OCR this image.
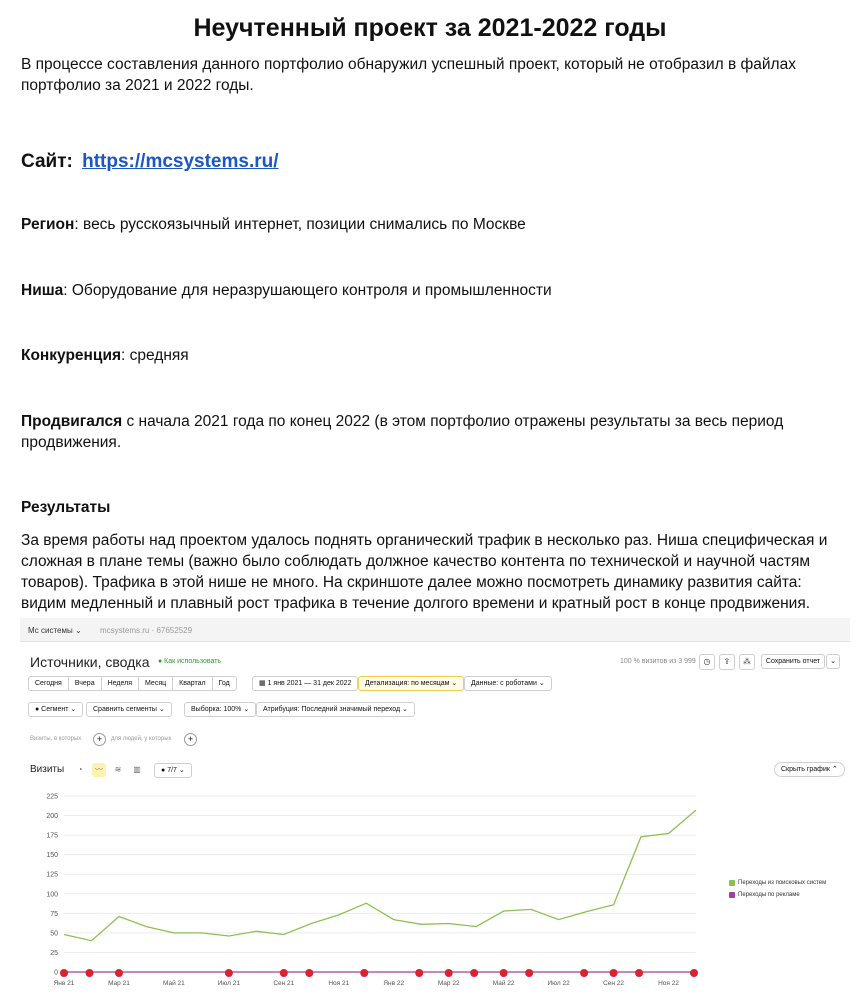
Неучтенный проект за 2021-2022 годы
В процессе составления данного портфолио обнаружил успешный проект, который не отобразил в файлах портфолио за 2021 и 2022 годы.
Сайт: https://mcsystems.ru/
Регион: весь русскоязычный интернет, позиции снимались по Москве
Ниша: Оборудование для неразрушающего контроля и промышленности
Конкуренция: средняя
Продвигался с начала 2021 года по конец 2022 (в этом портфолио отражены результаты за весь период продвижения.
Результаты
За время работы над проектом удалось поднять органический трафик в несколько раз. Ниша специфическая и сложная в плане темы (важно было соблюдать должное качество контента по технической и научной частям товаров). Трафика в этой нише не много. На скриншоте далее можно посмотреть динамику развития сайта: видим медленный и плавный рост трафика в течение долгого времени и кратный рост в конце продвижения.
Мс системы ⌄ mcsystems.ru · 67652529
Источники, сводка ● Как использовать	100 % визитов из 3 999 ◷	⇪	⁂	Сохранить отчет	⌄
Сегодня	Вчера	Неделя	Месяц	Квартал	Год	▦ 1 янв 2021 — 31 дек 2022	Детализация: по месяцам ⌄	Данные: с роботами ⌄
● Сегмент ⌄	Сравнить сегменты ⌄	Выборка: 100% ⌄	Атрибуция: Последний значимый переход ⌄
Визиты, в которых	+	для людей, у которых	+
Визиты	◔	〰	≋	▥	● 7/7 ⌄	Скрыть график ⌃
0
25
50
75
100
125
150
175
200
225
Янв 21	Мар 21	Май 21	Июл 21	Сен 21	Ноя 21	Янв 22	Мар 22	Май 22	Июл 22	Сен 22	Ноя 22
Переходы из поисковых систем
Переходы по рекламе
